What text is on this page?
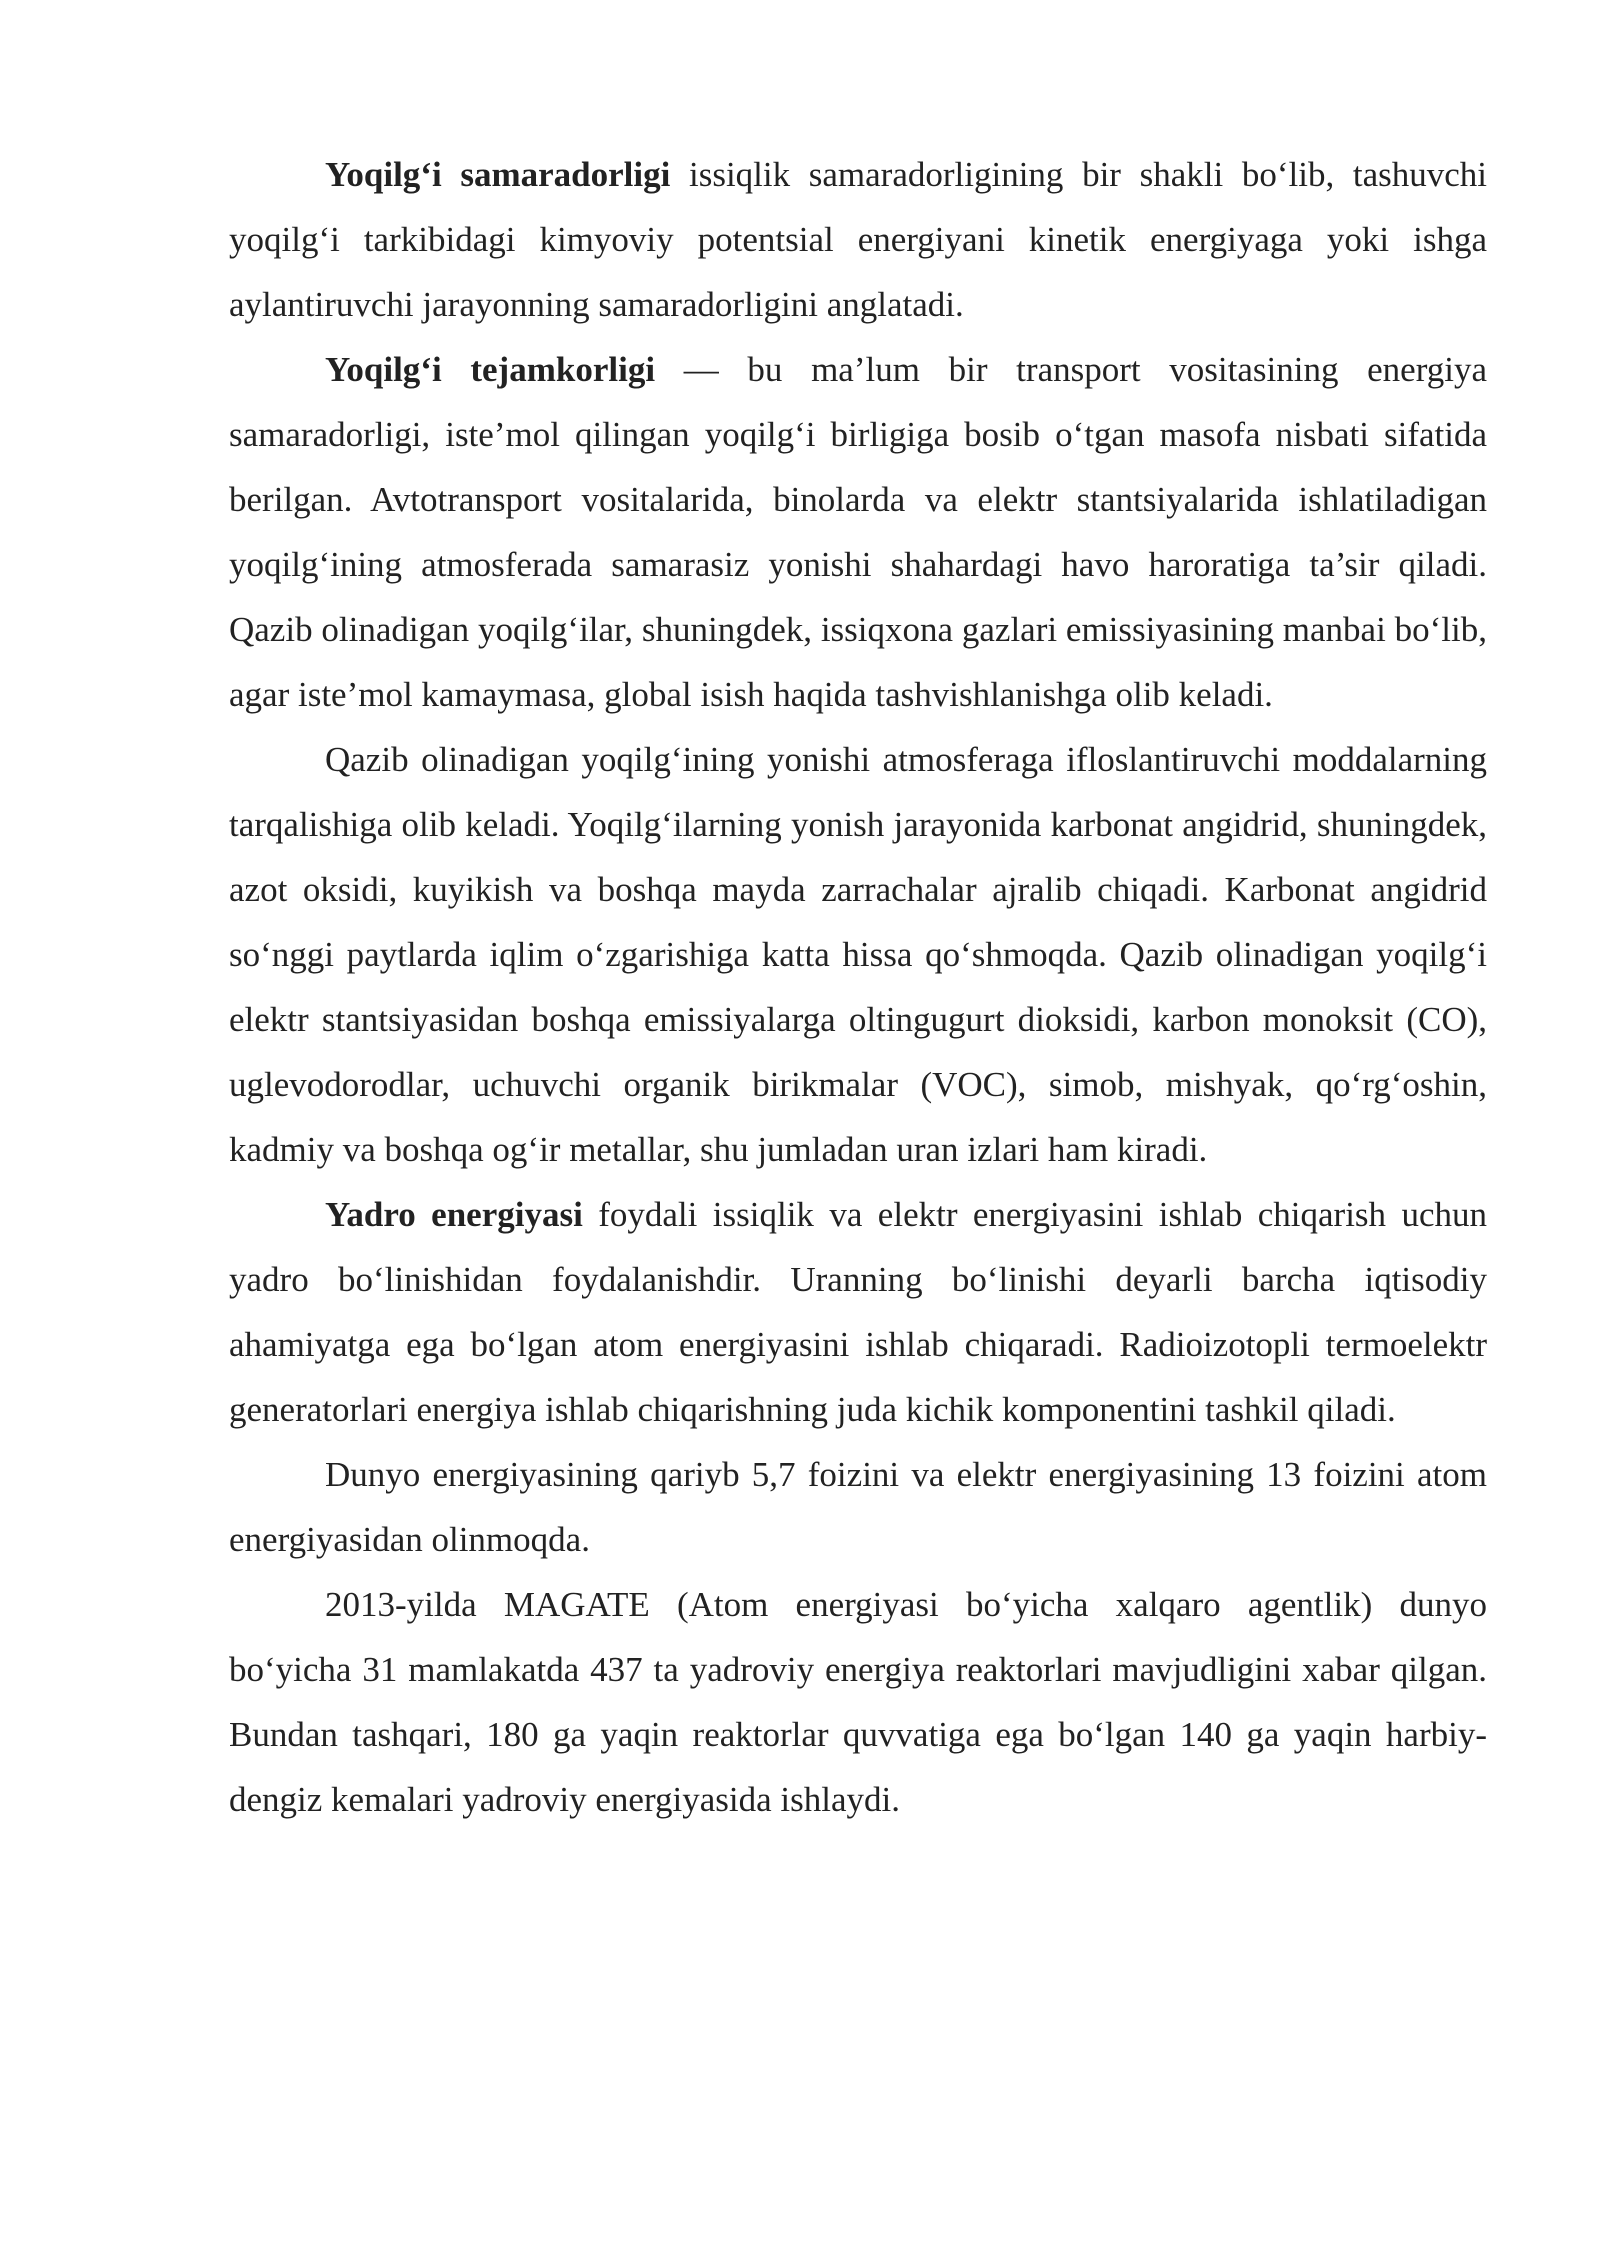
Yoqilg‘i samaradorligi issiqlik samaradorligining bir shakli bo‘lib, tashuvchi yoqilg‘i tarkibidagi kimyoviy potentsial energiyani kinetik energiyaga yoki ishga aylantiruvchi jarayonning samaradorligini anglatadi.

Yoqilg‘i tejamkorligi — bu ma’lum bir transport vositasining energiya samaradorligi, iste’mol qilingan yoqilg‘i birligiga bosib o‘tgan masofa nisbati sifatida berilgan. Avtotransport vositalarida, binolarda va elektr stantsiyalarida ishlatiladigan yoqilg‘ining atmosferada samarasiz yonishi shahardagi havo haroratiga ta’sir qiladi. Qazib olinadigan yoqilg‘ilar, shuningdek, issiqxona gazlari emissiyasining manbai bo‘lib, agar iste’mol kamaymasa, global isish haqida tashvishlanishga olib keladi.

Qazib olinadigan yoqilg‘ining yonishi atmosferaga ifloslantiruvchi moddalarning tarqalishiga olib keladi. Yoqilg‘ilarning yonish jarayonida karbonat angidrid, shuningdek, azot oksidi, kuyikish va boshqa mayda zarrachalar ajralib chiqadi. Karbonat angidrid so‘nggi paytlarda iqlim o‘zgarishiga katta hissa qo‘shmoqda. Qazib olinadigan yoqilg‘i elektr stantsiyasidan boshqa emissiyalarga oltingugurt dioksidi, karbon monoksit (CO), uglevodorodlar, uchuvchi organik birikmalar (VOC), simob, mishyak, qo‘rg‘oshin, kadmiy va boshqa og‘ir metallar, shu jumladan uran izlari ham kiradi.

Yadro energiyasi foydali issiqlik va elektr energiyasini ishlab chiqarish uchun yadro bo‘linishidan foydalanishdir. Uranning bo‘linishi deyarli barcha iqtisodiy ahamiyatga ega bo‘lgan atom energiyasini ishlab chiqaradi. Radioizotopli termoelektr generatorlari energiya ishlab chiqarishning juda kichik komponentini tashkil qiladi.

Dunyo energiyasining qariyb 5,7 foizini va elektr energiyasining 13 foizini atom energiyasidan olinmoqda.

2013-yilda MAGATE (Atom energiyasi bo‘yicha xalqaro agentlik) dunyo bo‘yicha 31 mamlakatda 437 ta yadroviy energiya reaktorlari mavjudligini xabar qilgan. Bundan tashqari, 180 ga yaqin reaktorlar quvvatiga ega bo‘lgan 140 ga yaqin harbiy-dengiz kemalari yadroviy energiyasida ishlaydi.
